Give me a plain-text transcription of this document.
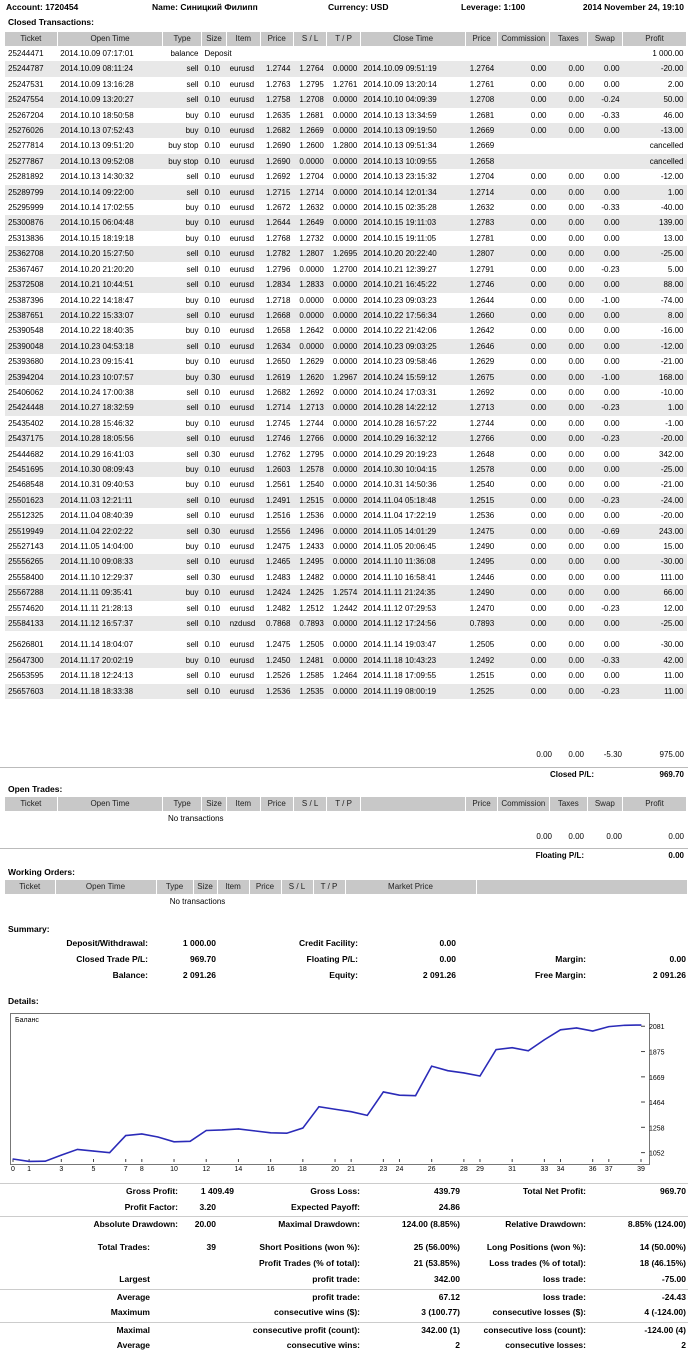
Account: 1720454	Name: Синицкий Филипп	Currency: USD	Leverage: 1:100	2014 November 24, 19:10
Closed Transactions:
Ticket	Open Time	Type	Size	Item	Price	S / L	T / P	Close Time	Price	Commission	Taxes	Swap	Profit
25244471	2014.10.09 07:17:01	balance	Deposit										1 000.00
25244787	2014.10.09 08:11:24	sell	0.10	eurusd	1.2744	1.2764	0.0000	2014.10.09 09:51:19	1.2764	0.00	0.00	0.00	-20.00
25247531	2014.10.09 13:16:28	sell	0.10	eurusd	1.2763	1.2795	1.2761	2014.10.09 13:20:14	1.2761	0.00	0.00	0.00	2.00
25247554	2014.10.09 13:20:27	sell	0.10	eurusd	1.2758	1.2708	0.0000	2014.10.10 04:09:39	1.2708	0.00	0.00	-0.24	50.00
25267204	2014.10.10 18:50:58	buy	0.10	eurusd	1.2635	1.2681	0.0000	2014.10.13 13:34:59	1.2681	0.00	0.00	-0.33	46.00
25276026	2014.10.13 07:52:43	buy	0.10	eurusd	1.2682	1.2669	0.0000	2014.10.13 09:19:50	1.2669	0.00	0.00	0.00	-13.00
25277814	2014.10.13 09:51:20	buy stop	0.10	eurusd	1.2690	1.2600	1.2800	2014.10.13 09:51:34	1.2669				cancelled
25277867	2014.10.13 09:52:08	buy stop	0.10	eurusd	1.2690	0.0000	0.0000	2014.10.13 10:09:55	1.2658				cancelled
25281892	2014.10.13 14:30:32	sell	0.10	eurusd	1.2692	1.2704	0.0000	2014.10.13 23:15:32	1.2704	0.00	0.00	0.00	-12.00
25289799	2014.10.14 09:22:00	sell	0.10	eurusd	1.2715	1.2714	0.0000	2014.10.14 12:01:34	1.2714	0.00	0.00	0.00	1.00
25295999	2014.10.14 17:02:55	buy	0.10	eurusd	1.2672	1.2632	0.0000	2014.10.15 02:35:28	1.2632	0.00	0.00	-0.33	-40.00
25300876	2014.10.15 06:04:48	buy	0.10	eurusd	1.2644	1.2649	0.0000	2014.10.15 19:11:03	1.2783	0.00	0.00	0.00	139.00
25313836	2014.10.15 18:19:18	buy	0.10	eurusd	1.2768	1.2732	0.0000	2014.10.15 19:11:05	1.2781	0.00	0.00	0.00	13.00
25362708	2014.10.20 15:27:50	sell	0.10	eurusd	1.2782	1.2807	1.2695	2014.10.20 20:22:40	1.2807	0.00	0.00	0.00	-25.00
25367467	2014.10.20 21:20:20	sell	0.10	eurusd	1.2796	0.0000	1.2700	2014.10.21 12:39:27	1.2791	0.00	0.00	-0.23	5.00
25372508	2014.10.21 10:44:51	sell	0.10	eurusd	1.2834	1.2833	0.0000	2014.10.21 16:45:22	1.2746	0.00	0.00	0.00	88.00
25387396	2014.10.22 14:18:47	buy	0.10	eurusd	1.2718	0.0000	0.0000	2014.10.23 09:03:23	1.2644	0.00	0.00	-1.00	-74.00
25387651	2014.10.22 15:33:07	sell	0.10	eurusd	1.2668	0.0000	0.0000	2014.10.22 17:56:34	1.2660	0.00	0.00	0.00	8.00
25390548	2014.10.22 18:40:35	buy	0.10	eurusd	1.2658	1.2642	0.0000	2014.10.22 21:42:06	1.2642	0.00	0.00	0.00	-16.00
25390048	2014.10.23 04:53:18	sell	0.10	eurusd	1.2634	0.0000	0.0000	2014.10.23 09:03:25	1.2646	0.00	0.00	0.00	-12.00
25393680	2014.10.23 09:15:41	buy	0.10	eurusd	1.2650	1.2629	0.0000	2014.10.23 09:58:46	1.2629	0.00	0.00	0.00	-21.00
25394204	2014.10.23 10:07:57	buy	0.30	eurusd	1.2619	1.2620	1.2967	2014.10.24 15:59:12	1.2675	0.00	0.00	-1.00	168.00
25406062	2014.10.24 17:00:38	sell	0.10	eurusd	1.2682	1.2692	0.0000	2014.10.24 17:03:31	1.2692	0.00	0.00	0.00	-10.00
25424448	2014.10.27 18:32:59	sell	0.10	eurusd	1.2714	1.2713	0.0000	2014.10.28 14:22:12	1.2713	0.00	0.00	-0.23	1.00
25435402	2014.10.28 15:46:32	buy	0.10	eurusd	1.2745	1.2744	0.0000	2014.10.28 16:57:22	1.2744	0.00	0.00	0.00	-1.00
25437175	2014.10.28 18:05:56	sell	0.10	eurusd	1.2746	1.2766	0.0000	2014.10.29 16:32:12	1.2766	0.00	0.00	-0.23	-20.00
25444682	2014.10.29 16:41:03	sell	0.30	eurusd	1.2762	1.2795	0.0000	2014.10.29 20:19:23	1.2648	0.00	0.00	0.00	342.00
25451695	2014.10.30 08:09:43	buy	0.10	eurusd	1.2603	1.2578	0.0000	2014.10.30 10:04:15	1.2578	0.00	0.00	0.00	-25.00
25468548	2014.10.31 09:40:53	buy	0.10	eurusd	1.2561	1.2540	0.0000	2014.10.31 14:50:36	1.2540	0.00	0.00	0.00	-21.00
25501623	2014.11.03 12:21:11	sell	0.10	eurusd	1.2491	1.2515	0.0000	2014.11.04 05:18:48	1.2515	0.00	0.00	-0.23	-24.00
25512325	2014.11.04 08:40:39	sell	0.10	eurusd	1.2516	1.2536	0.0000	2014.11.04 17:22:19	1.2536	0.00	0.00	0.00	-20.00
25519949	2014.11.04 22:02:22	sell	0.30	eurusd	1.2556	1.2496	0.0000	2014.11.05 14:01:29	1.2475	0.00	0.00	-0.69	243.00
25527143	2014.11.05 14:04:00	buy	0.10	eurusd	1.2475	1.2433	0.0000	2014.11.05 20:06:45	1.2490	0.00	0.00	0.00	15.00
25556265	2014.11.10 09:08:33	sell	0.10	eurusd	1.2465	1.2495	0.0000	2014.11.10 11:36:08	1.2495	0.00	0.00	0.00	-30.00
25558400	2014.11.10 12:29:37	sell	0.30	eurusd	1.2483	1.2482	0.0000	2014.11.10 16:58:41	1.2446	0.00	0.00	0.00	111.00
25567288	2014.11.11 09:35:41	buy	0.10	eurusd	1.2424	1.2425	1.2574	2014.11.11 21:24:35	1.2490	0.00	0.00	0.00	66.00
25574620	2014.11.11 21:28:13	sell	0.10	eurusd	1.2482	1.2512	1.2442	2014.11.12 07:29:53	1.2470	0.00	0.00	-0.23	12.00
25584133	2014.11.12 16:57:37	sell	0.10	nzdusd	0.7868	0.7893	0.0000	2014.11.12 17:24:56	0.7893	0.00	0.00	0.00	-25.00

25626801	2014.11.14 18:04:07	sell	0.10	eurusd	1.2475	1.2505	0.0000	2014.11.14 19:03:47	1.2505	0.00	0.00	0.00	-30.00
25647300	2014.11.17 20:02:19	buy	0.10	eurusd	1.2450	1.2481	0.0000	2014.11.18 10:43:23	1.2492	0.00	0.00	-0.33	42.00
25653595	2014.11.18 12:24:13	sell	0.10	eurusd	1.2526	1.2585	1.2464	2014.11.18 17:09:55	1.2515	0.00	0.00	0.00	11.00
25657603	2014.11.18 18:33:38	sell	0.10	eurusd	1.2536	1.2535	0.0000	2014.11.19 08:00:19	1.2525	0.00	0.00	-0.23	11.00
0.00 0.00 -5.30	975.00
Closed P/L:	969.70
Open Trades:
Ticket	Open Time	Type	Size	Item	Price	S / L	T / P		Price	Commission	Taxes	Swap	Profit
No transactions
0.00 0.00	0.00	0.00
Floating P/L:	0.00
Working Orders:
Ticket	Open Time	Type	Size	Item	Price	S / L	T / P	Market Price	
No transactions
Summary:
Deposit/Withdrawal:	1 000.00	Credit Facility:	0.00
Closed Trade P/L:	969.70	Floating P/L:	0.00	Margin:	0.00
Balance:	2 091.26	Equity:	2 091.26	Free Margin:	2 091.26
Details:
Баланс
2081
1875
1669
1464
1258
1052
0 1	3	5	7 8	10	12	14	16	18	20 21	23 24	26	28 29	31	33 34	36 37	39
Gross Profit:	1 409.49	Gross Loss:	439.79	Total Net Profit:	969.70
Profit Factor:	3.20	Expected Payoff:	24.86
Absolute Drawdown: 20.00	Maximal Drawdown:	124.00 (8.85%)	Relative Drawdown:	8.85% (124.00)
Total Trades:	39	Short Positions (won %):	25 (56.00%)	Long Positions (won %):	14 (50.00%)
Profit Trades (% of total):	21 (53.85%)	Loss trades (% of total):	18 (46.15%)
Largest	profit trade:	342.00	loss trade:	-75.00
Average	profit trade:	67.12	loss trade:	-24.43
Maximum	consecutive wins ($):	3 (100.77)	consecutive losses ($):	4 (-124.00)
Maximal	consecutive profit (count):	342.00 (1)	consecutive loss (count):	-124.00 (4)
Average	consecutive wins:	2	consecutive losses:	2
